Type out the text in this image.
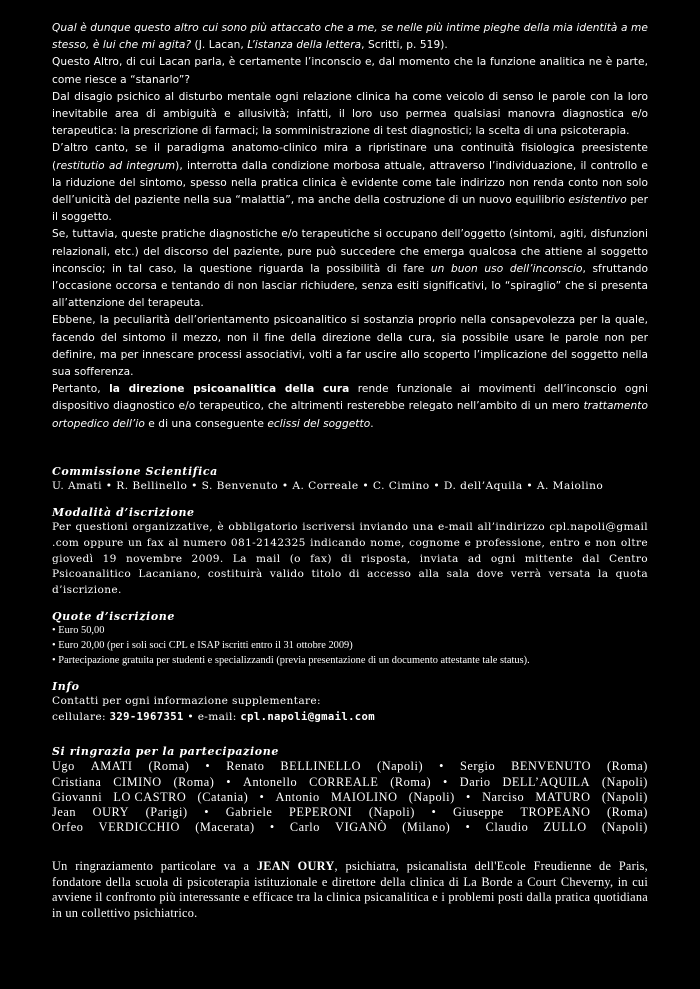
Qual è dunque questo altro cui sono più attaccato che a me, se nelle più intime pieghe della mia identità a me stesso, è lui che mi agita? (J. Lacan, L’istanza della lettera, Scritti, p. 519).

Questo Altro, di cui Lacan parla, è certamente l’inconscio e, dal momento che la funzione analitica ne è parte, come riesce a “stanarlo”?

Dal disagio psichico al disturbo mentale ogni relazione clinica ha come veicolo di senso le parole con la loro inevitabile area di ambiguità e allusività; infatti, il loro uso permea qualsiasi manovra diagnostica e/o terapeutica: la prescrizione di farmaci; la somministrazione di test diagnostici; la scelta di una psicoterapia.

D’altro canto, se il paradigma anatomo-clinico mira a ripristinare una continuità fisiologica preesistente (restitutio ad integrum), interrotta dalla condizione morbosa attuale, attraverso l’individuazione, il controllo e la riduzione del sintomo, spesso nella pratica clinica è evidente come tale indirizzo non renda conto non solo dell’unicità del paziente nella sua “malattia”, ma anche della costruzione di un nuovo equilibrio esistentivo per il soggetto.

Se, tuttavia, queste pratiche diagnostiche e/o terapeutiche si occupano dell’oggetto (sintomi, agiti, disfunzioni relazionali, etc.) del discorso del paziente, pure può succedere che emerga qualcosa che attiene al soggetto inconscio; in tal caso, la questione riguarda la possibilità di fare un buon uso dell’inconscio, sfruttando l’occasione occorsa e tentando di non lasciar richiudere, senza esiti significativi, lo “spiraglio” che si presenta all’attenzione del terapeuta.

Ebbene, la peculiarità dell’orientamento psicoanalitico si sostanzia proprio nella consapevolezza per la quale, facendo del sintomo il mezzo, non il fine della direzione della cura, sia possibile usare le parole non per definire, ma per innescare processi associativi, volti a far uscire allo scoperto l’implicazione del soggetto nella sua sofferenza.

Pertanto, la direzione psicoanalitica della cura rende funzionale ai movimenti dell’inconscio ogni dispositivo diagnostico e/o terapeutico, che altrimenti resterebbe relegato nell’ambito di un mero trattamento ortopedico dell’io e di una conseguente eclissi del soggetto.

Commissione Scientifica
U. Amati • R. Bellinello • S. Benvenuto • A. Correale • C. Cimino • D. dell’Aquila • A. Maiolino
Modalità d’iscrizione
Per questioni organizzative, è obbligatorio iscriversi inviando una e-mail all’indirizzo cpl.napoli@gmail .com oppure un fax al numero 081-2142325 indicando nome, cognome e professione, entro e non oltre giovedì 19 novembre 2009. La mail (o fax) di risposta, inviata ad ogni mittente dal Centro Psicoanalitico Lacaniano, costituirà valido titolo di accesso alla sala dove verrà versata la quota d’iscrizione.
Quote d’iscrizione
• Euro 50,00
• Euro 20,00 (per i soli soci CPL e ISAP iscritti entro il 31 ottobre 2009)
• Partecipazione gratuita per studenti e specializzandi (previa presentazione di un documento attestante tale status).
Info
Contatti per ogni informazione supplementare:
cellulare: 329-1967351 • e-mail: cpl.napoli@gmail.com
Si ringrazia per la partecipazione
Ugo AMATI (Roma) • Renato BELLINELLO (Napoli) • Sergio BENVENUTO (Roma)
Cristiana CIMINO (Roma) • Antonello CORREALE (Roma) • Dario DELL’AQUILA (Napoli)
Giovanni LO CASTRO (Catania) • Antonio MAIOLINO (Napoli) • Narciso MATURO (Napoli)
Jean OURY (Parigi) • Gabriele PEPERONI (Napoli) • Giuseppe TROPEANO (Roma)
Orfeo VERDICCHIO (Macerata) • Carlo VIGANÒ (Milano) • Claudio ZULLO (Napoli)
Un ringraziamento particolare va a JEAN OURY, psichiatra, psicanalista dell'Ecole Freudienne de Paris, fondatore della scuola di psicoterapia istituzionale e direttore della clinica di La Borde a Court Cheverny, in cui avviene il confronto più interessante e efficace tra la clinica psicanalitica e i problemi posti dalla pratica quotidiana in un collettivo psichiatrico.
